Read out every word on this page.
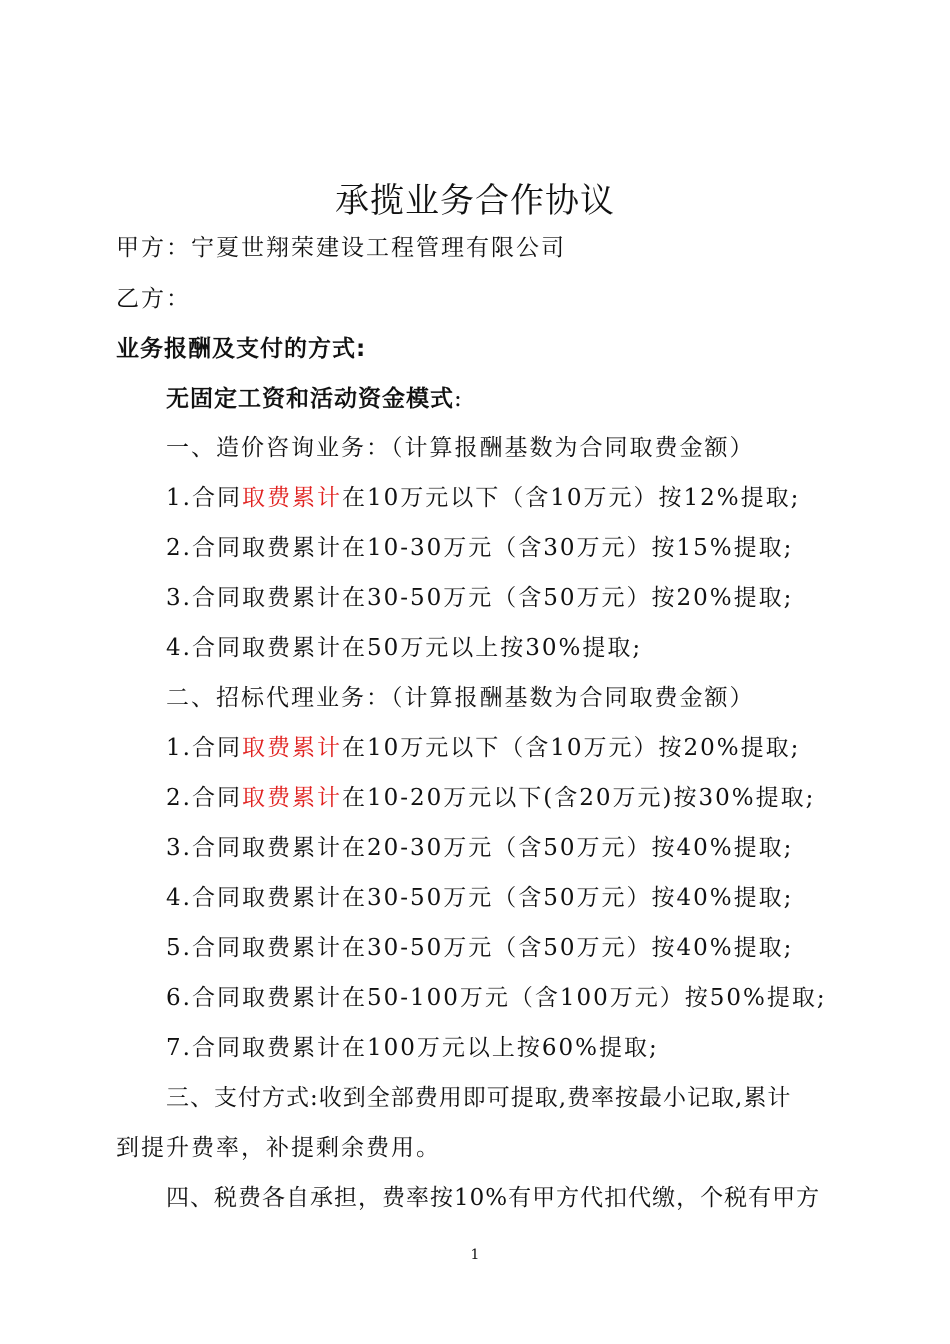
承揽业务合作协议
甲方：宁夏世翔荣建设工程管理有限公司
乙方：
业务报酬及支付的方式:
无固定工资和活动资金模式:
一、造价咨询业务：（计算报酬基数为合同取费金额）
1.合同取费累计在10万元以下（含10万元）按12%提取;
2.合同取费累计在10-30万元（含30万元）按15%提取;
3.合同取费累计在30-50万元（含50万元）按20%提取;
4.合同取费累计在50万元以上按30%提取;
二、招标代理业务：（计算报酬基数为合同取费金额）
1.合同取费累计在10万元以下（含10万元）按20%提取;
2.合同取费累计在10-20万元以下(含20万元)按30%提取;
3.合同取费累计在20-30万元（含50万元）按40%提取;
4.合同取费累计在30-50万元（含50万元）按40%提取;
5.合同取费累计在30-50万元（含50万元）按40%提取;
6.合同取费累计在50-100万元（含100万元）按50%提取;
7.合同取费累计在100万元以上按60%提取;
三、支付方式:收到全部费用即可提取,费率按最小记取,累计
到提升费率，补提剩余费用。
四、税费各自承担，费率按10%有甲方代扣代缴，个税有甲方
1
